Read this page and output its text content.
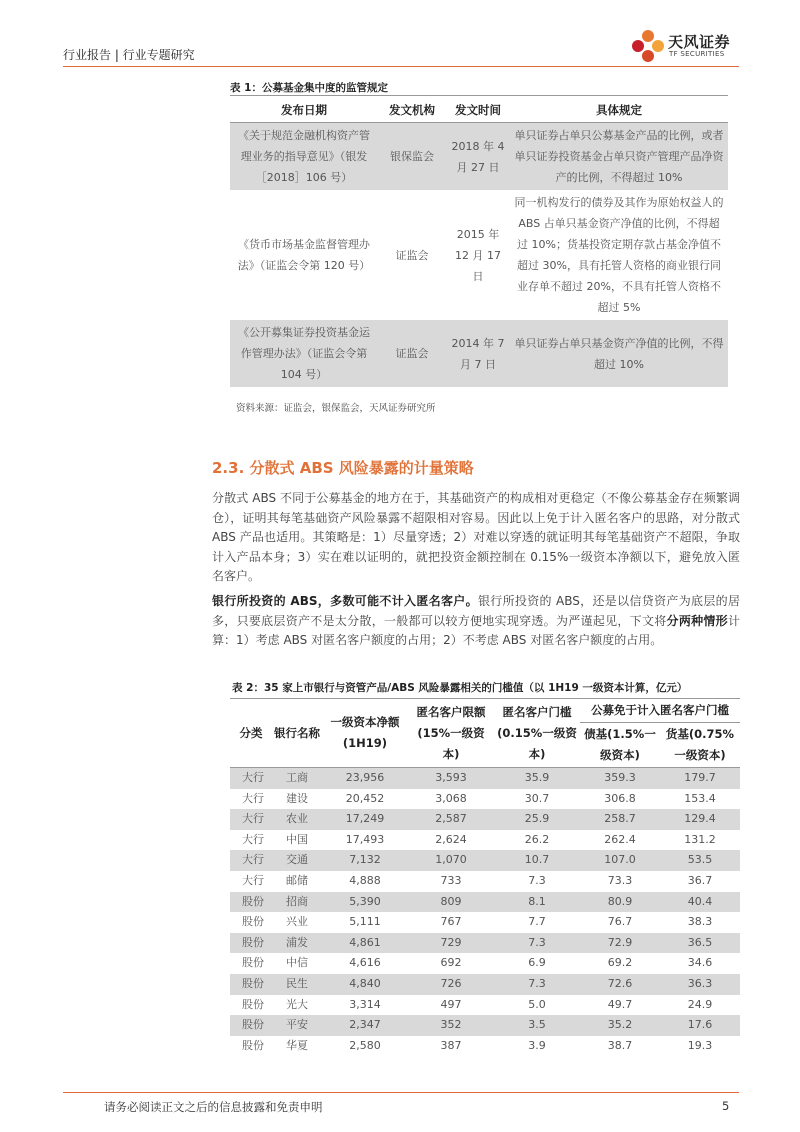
行业报告 | 行业专题研究
天风证券
TF SECURITIES
表 1：公募基金集中度的监管规定
发布日期	发文机构	发文时间	具体规定
《关于规范金融机构资产管理业务的指导意见》（银发［2018］106 号）	银保监会	2018 年 4 月 27 日	单只证券占单只公募基金产品的比例，或者单只证券投资基金占单只资产管理产品净资产的比例，不得超过 10%
《货币市场基金监督管理办法》（证监会令第 120 号）	证监会	2015 年 12 月 17 日	同一机构发行的债券及其作为原始权益人的 ABS 占单只基金资产净值的比例，不得超过 10%；货基投资定期存款占基金净值不超过 30%，具有托管人资格的商业银行同业存单不超过 20%，不具有托管人资格不超过 5%
《公开募集证券投资基金运作管理办法》（证监会令第 104 号）	证监会	2014 年 7 月 7 日	单只证券占单只基金资产净值的比例，不得超过 10%
资料来源：证监会，银保监会，天风证券研究所
2.3. 分散式 ABS 风险暴露的计量策略
分散式 ABS 不同于公募基金的地方在于，其基础资产的构成相对更稳定（不像公募基金存在频繁调仓），证明其每笔基础资产风险暴露不超限相对容易。因此以上免于计入匿名客户的思路，对分散式 ABS 产品也适用。其策略是：1）尽量穿透；2）对难以穿透的就证明其每笔基础资产不超限，争取计入产品本身；3）实在难以证明的，就把投资金额控制在 0.15%一级资本净额以下，避免放入匿名客户。
银行所投资的 ABS，多数可能不计入匿名客户。银行所投资的 ABS，还是以信贷资产为底层的居多，只要底层资产不是太分散，一般都可以较方便地实现穿透。为严谨起见，下文将分两种情形计算：1）考虑 ABS 对匿名客户额度的占用；2）不考虑 ABS 对匿名客户额度的占用。
表 2：35 家上市银行与资管产品/ABS 风险暴露相关的门槛值（以 1H19 一级资本计算，亿元）
分类	银行名称	一级资本净额(1H19)	匿名客户限额(15%一级资本)	匿名客户门槛(0.15%一级资本)	公募免于计入匿名客户门槛	
					债基(1.5%一级资本)	货基(0.75%一级资本)
大行	工商	23,956	3,593	35.9	359.3	179.7
大行	建设	20,452	3,068	30.7	306.8	153.4
大行	农业	17,249	2,587	25.9	258.7	129.4
大行	中国	17,493	2,624	26.2	262.4	131.2
大行	交通	7,132	1,070	10.7	107.0	53.5
大行	邮储	4,888	733	7.3	73.3	36.7
股份	招商	5,390	809	8.1	80.9	40.4
股份	兴业	5,111	767	7.7	76.7	38.3
股份	浦发	4,861	729	7.3	72.9	36.5
股份	中信	4,616	692	6.9	69.2	34.6
股份	民生	4,840	726	7.3	72.6	36.3
股份	光大	3,314	497	5.0	49.7	24.9
股份	平安	2,347	352	3.5	35.2	17.6
股份	华夏	2,580	387	3.9	38.7	19.3
请务必阅读正文之后的信息披露和免责申明	5
